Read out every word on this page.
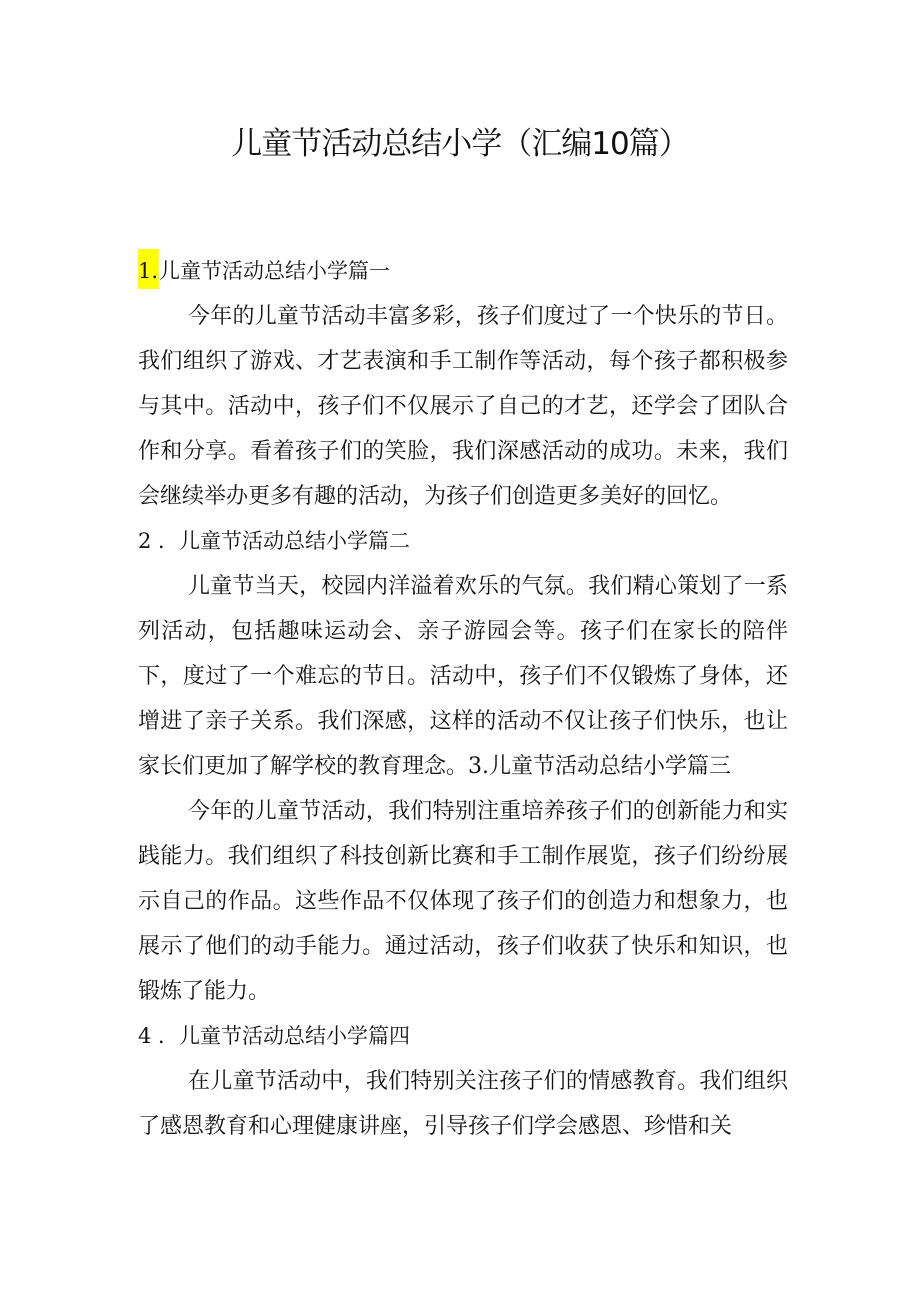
儿童节活动总结小学（汇编10篇）

1.儿童节活动总结小学篇一

今年的儿童节活动丰富多彩，孩子们度过了一个快乐的节日。我们组织了游戏、才艺表演和手工制作等活动，每个孩子都积极参与其中。活动中，孩子们不仅展示了自己的才艺，还学会了团队合作和分享。看着孩子们的笑脸，我们深感活动的成功。未来，我们会继续举办更多有趣的活动，为孩子们创造更多美好的回忆。

2 ．儿童节活动总结小学篇二

儿童节当天，校园内洋溢着欢乐的气氛。我们精心策划了一系列活动，包括趣味运动会、亲子游园会等。孩子们在家长的陪伴下，度过了一个难忘的节日。活动中，孩子们不仅锻炼了身体，还增进了亲子关系。我们深感，这样的活动不仅让孩子们快乐，也让家长们更加了解学校的教育理念。3.儿童节活动总结小学篇三

今年的儿童节活动，我们特别注重培养孩子们的创新能力和实践能力。我们组织了科技创新比赛和手工制作展览，孩子们纷纷展示自己的作品。这些作品不仅体现了孩子们的创造力和想象力，也展示了他们的动手能力。通过活动，孩子们收获了快乐和知识，也锻炼了能力。

4 ．儿童节活动总结小学篇四

在儿童节活动中，我们特别关注孩子们的情感教育。我们组织了感恩教育和心理健康讲座，引导孩子们学会感恩、珍惜和关
